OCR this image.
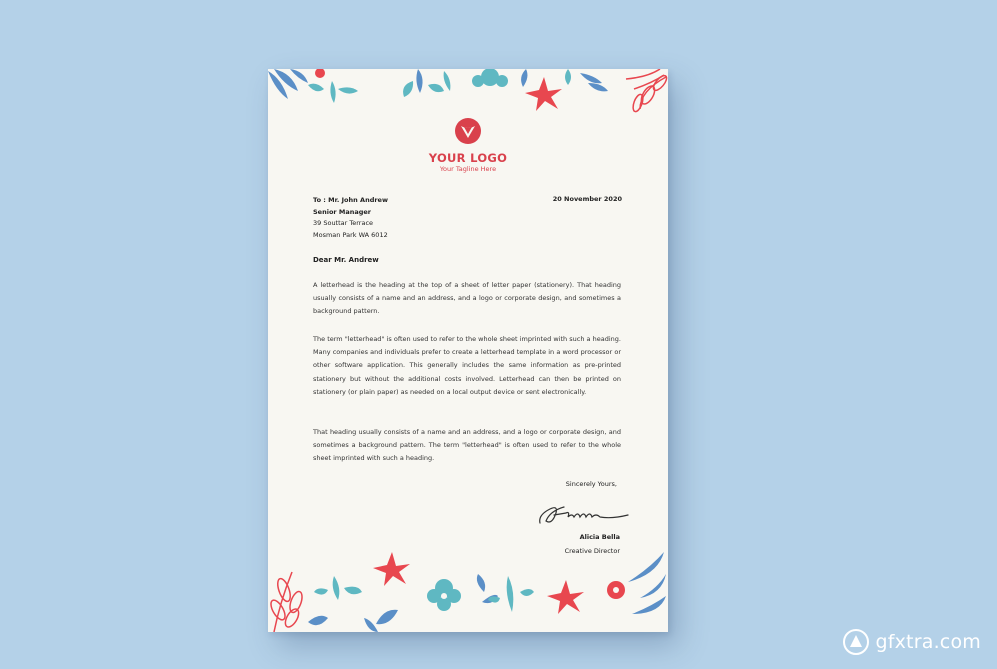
YOUR LOGO
Your Tagline Here
To : Mr. John Andrew
Senior Manager
39 Souttar Terrace
Mosman Park WA 6012
20 November 2020
Dear Mr. Andrew

A letterhead is the heading at the top of a sheet of letter paper (stationery). That heading usually consists of a name and an address, and a logo or corporate design, and sometimes a background pattern.

The term "letterhead" is often used to refer to the whole sheet imprinted with such a heading. Many companies and individuals prefer to create a letterhead template in a word processor or other software application. This generally includes the same information as pre-printed stationery but without the additional costs involved. Letterhead can then be printed on stationery (or plain paper) as needed on a local output device or sent electronically.

That heading usually consists of a name and an address, and a logo or corporate design, and sometimes a background pattern. The term "letterhead" is often used to refer to the whole sheet imprinted with such a heading.

Sincerely Yours,
Alicia Bella
Creative Director
gfxtra.com
